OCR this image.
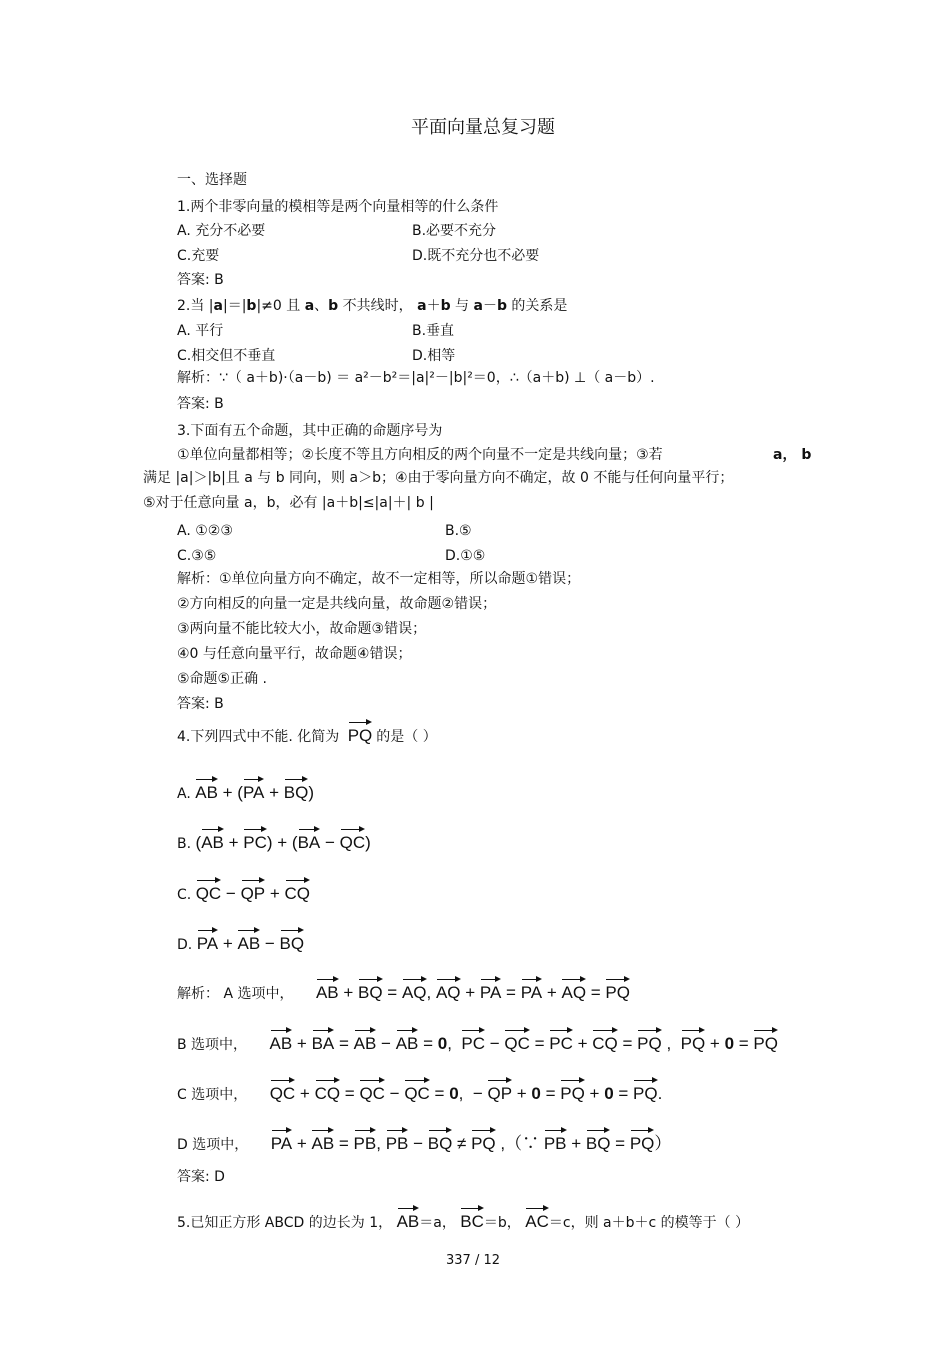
平面向量总复习题
一、选择题
1.两个非零向量的模相等是两个向量相等的什么条件
A. 充分不必要	B.必要不充分
C.充要	D.既不充分也不必要
答案: B
2.当 |a|＝|b|≠0 且 a、b 不共线时， a＋b 与 a－b 的关系是
A. 平行	B.垂直
C.相交但不垂直	D.相等
解析：∵（ a＋b)·（a－b) ＝ a²－b²＝|a|²－|b|²＝0，∴（a＋b) ⊥（ a－b）.
答案: B
3.下面有五个命题，其中正确的命题序号为
①单位向量都相等；②长度不等且方向相反的两个向量不一定是共线向量；③若	a， b
满足 |a|＞|b|且 a 与 b 同向，则 a＞b；④由于零向量方向不确定，故 0 不能与任何向量平行；
⑤对于任意向量 a，b，必有 |a＋b|≤|a|＋| b |
A. ①②③	B.⑤
C.③⑤	D.①⑤
解析：①单位向量方向不确定，故不一定相等，所以命题①错误；
②方向相反的向量一定是共线向量，故命题②错误；
③两向量不能比较大小，故命题③错误；
④0 与任意向量平行，故命题④错误；
⑤命题⑤正确 .
答案: B
4.下列四式中不能. 化简为 PQ 的是（ ）
A. AB + (PA + BQ)
B. (AB + PC) + (BA − QC)
C. QC − QP + CQ
D. PA + AB − BQ
解析： A 选项中， AB + BQ = AQ, AQ + PA = PA + AQ = PQ
B 选项中， AB + BA = AB − AB = 0,  PC − QC = PC + CQ = PQ ,  PQ + 0 = PQ
C 选项中， QC + CQ = QC − QC = 0,  − QP + 0 = PQ + 0 = PQ.
D 选项中， PA + AB = PB, PB − BQ ≠ PQ ,（∵ PB + BQ = PQ）
答案: D
5.已知正方形 ABCD 的边长为 1， AB＝a， BC＝b， AC＝c，则 a＋b＋c 的模等于（ ）
337 / 12
